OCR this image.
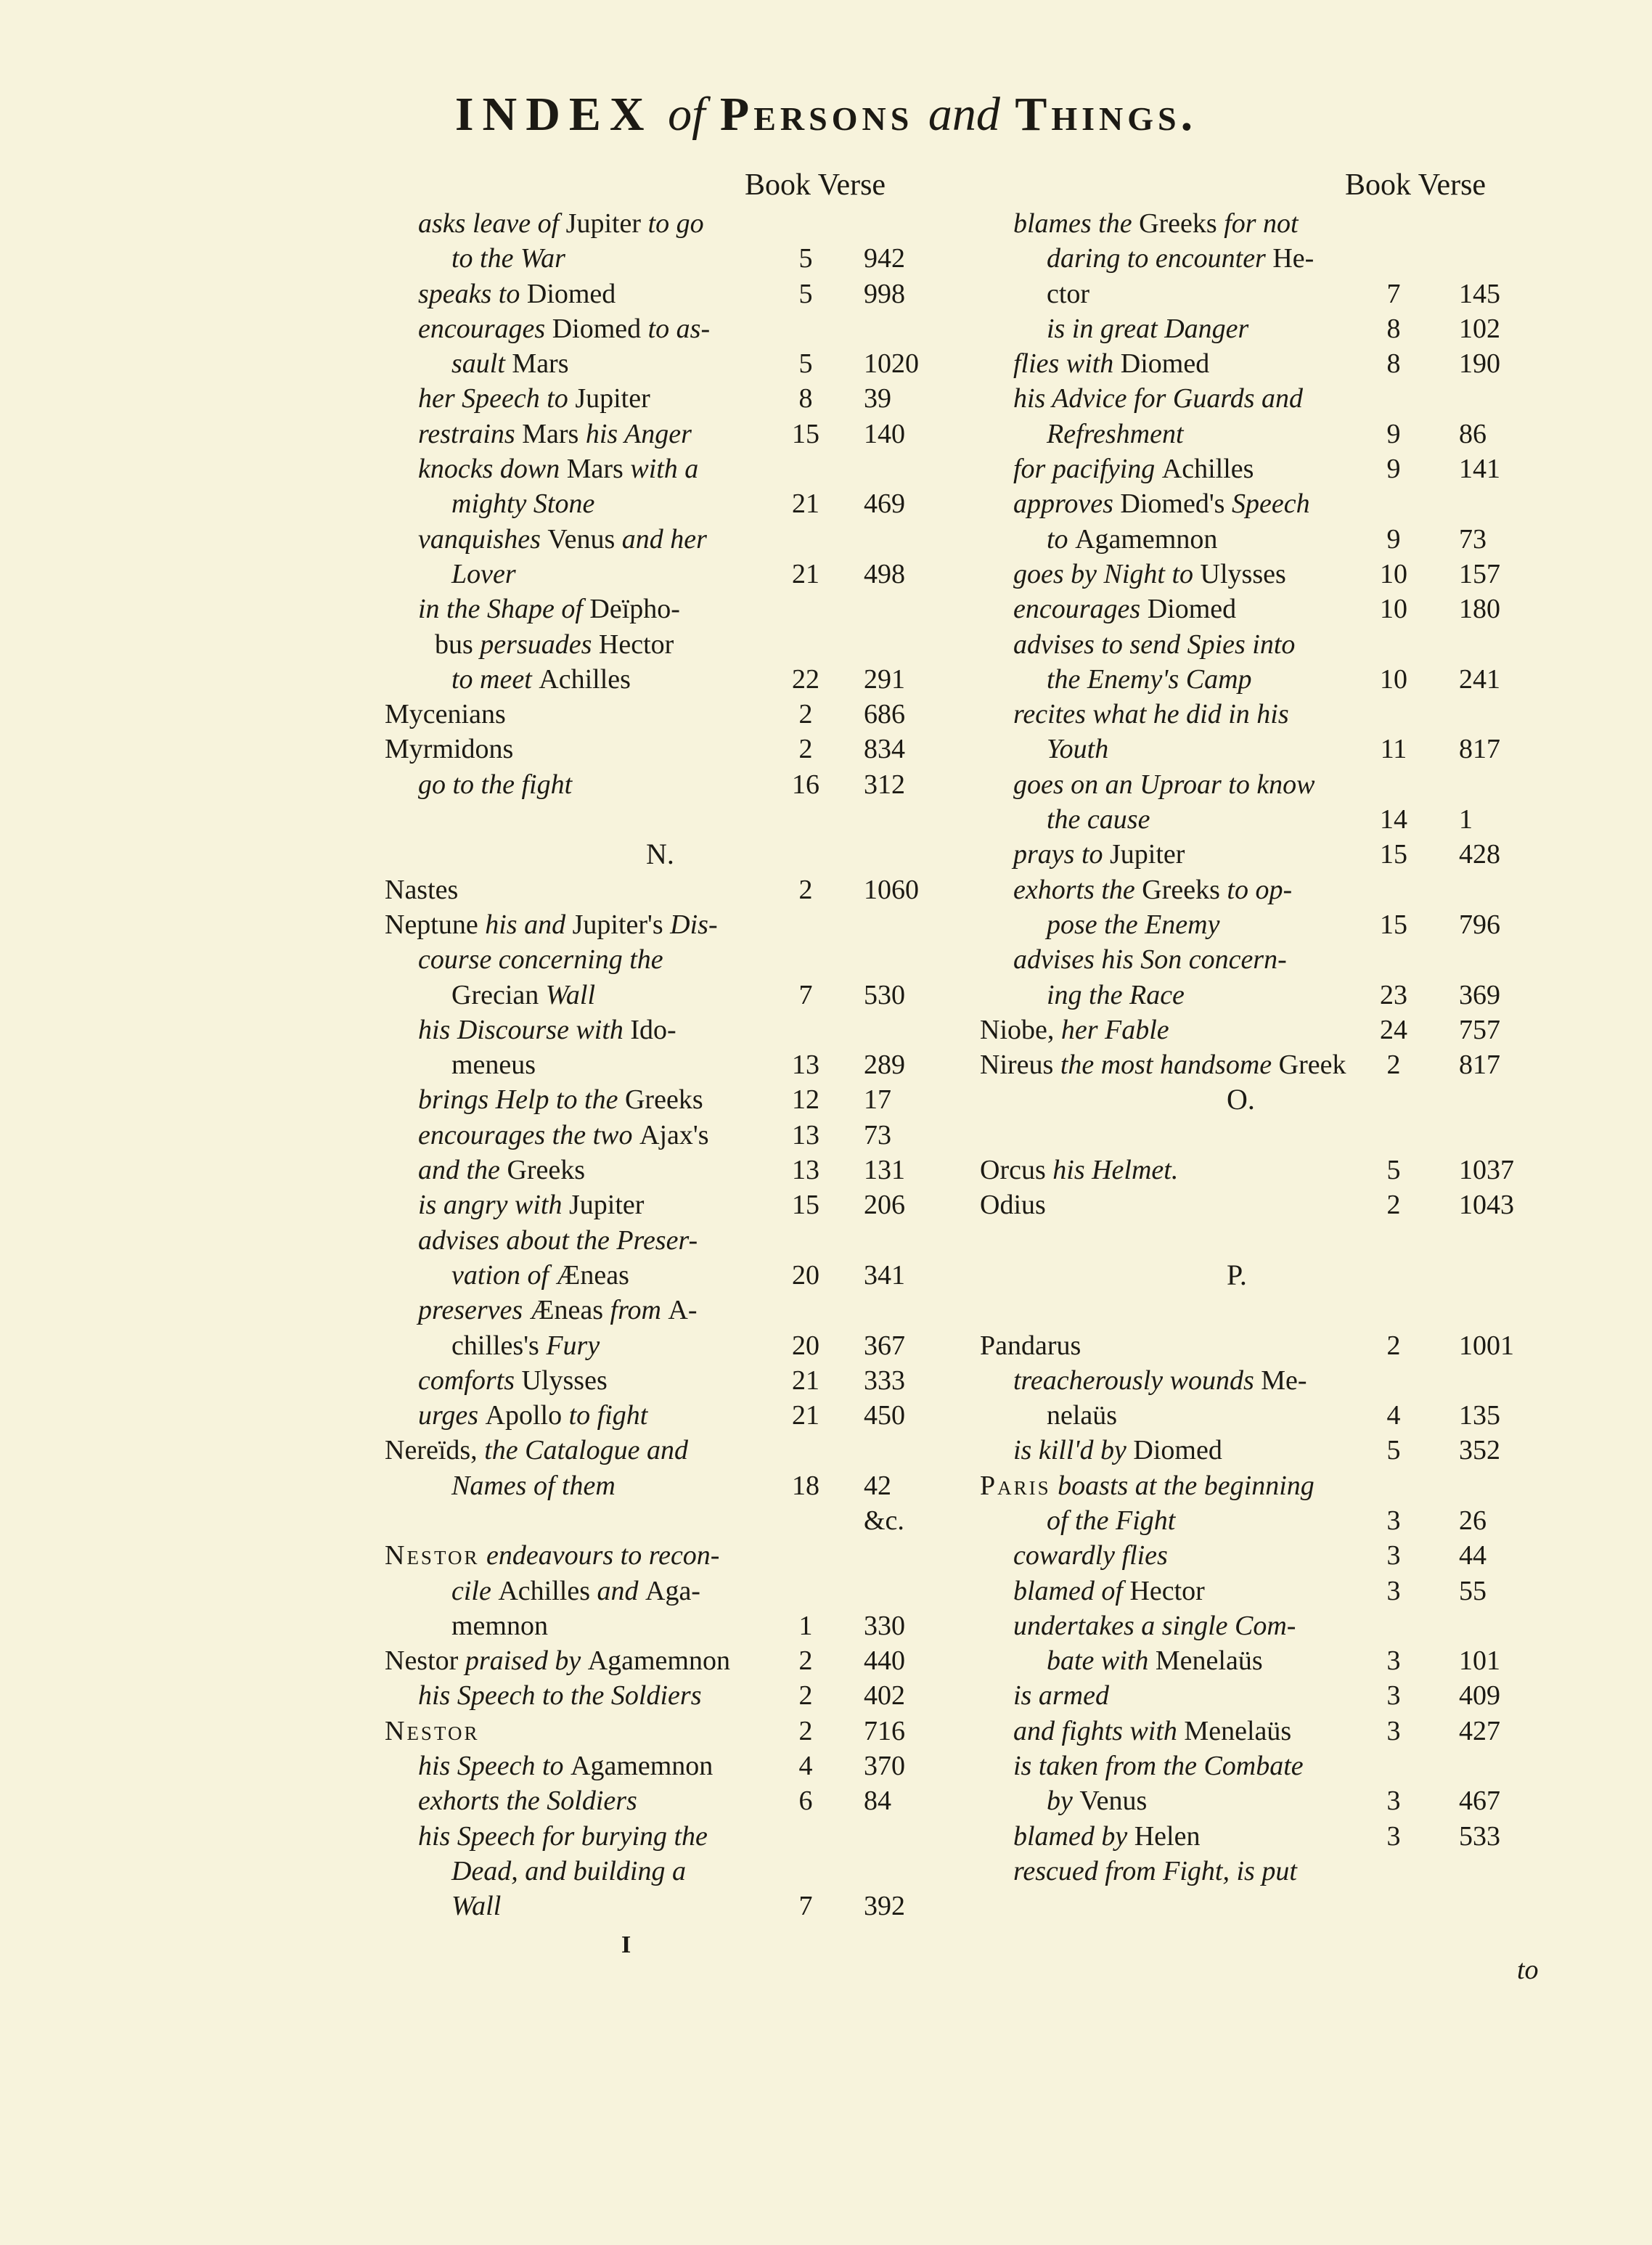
INDEX of Persons and Things.
Book Verse
asks leave of Jupiter to go
to the War	5	942
speaks to Diomed	5	998
encourages Diomed to as-
sault Mars	5	1020
her Speech to Jupiter	8	39
restrains Mars his Anger	15	140
knocks down Mars with a
mighty Stone	21	469
vanquishes Venus and her
Lover	21	498
in the Shape of Deïpho-
bus persuades Hector
to meet Achilles	22	291
Mycenians	2	686
Myrmidons	2	834
go to the fight	16	312
N.
Nastes	2	1060
Neptune his and Jupiter's Dis-
course concerning the
Grecian Wall	7	530
his Discourse with Ido-
meneus	13	289
brings Help to the Greeks	12	17
encourages the two Ajax's	13	73
and the Greeks	13	131
is angry with Jupiter	15	206
advises about the Preser-
vation of Æneas	20	341
preserves Æneas from A-
chilles's Fury	20	367
comforts Ulysses	21	333
urges Apollo to fight	21	450
Nereïds, the Catalogue and
Names of them	18	42
&c.
Nestor endeavours to recon-
cile Achilles and Aga-
memnon	1	330
Nestor praised by Agamemnon	2	440
his Speech to the Soldiers	2	402
Nestor	2	716
his Speech to Agamemnon	4	370
exhorts the Soldiers	6	84
his Speech for burying the
Dead, and building a
Wall	7	392
Book Verse
blames the Greeks for not
daring to encounter He-
ctor	7	145
is in great Danger	8	102
flies with Diomed	8	190
his Advice for Guards and
Refreshment	9	86
for pacifying Achilles	9	141
approves Diomed's Speech
to Agamemnon	9	73
goes by Night to Ulysses	10	157
encourages Diomed	10	180
advises to send Spies into
the Enemy's Camp	10	241
recites what he did in his
Youth	11	817
goes on an Uproar to know
the cause	14	1
prays to Jupiter	15	428
exhorts the Greeks to op-
pose the Enemy	15	796
advises his Son concern-
ing the Race	23	369
Niobe, her Fable	24	757
Nireus the most handsome Greek	2	817
O.
Orcus his Helmet.	5	1037
Odius	2	1043
P.
Pandarus	2	1001
treacherously wounds Me-
nelaüs	4	135
is kill'd by Diomed	5	352
Paris boasts at the beginning
of the Fight	3	26
cowardly flies	3	44
blamed of Hector	3	55
undertakes a single Com-
bate with Menelaüs	3	101
is armed	3	409
and fights with Menelaüs	3	427
is taken from the Combate
by Venus	3	467
blamed by Helen	3	533
rescued from Fight, is put
I
to
